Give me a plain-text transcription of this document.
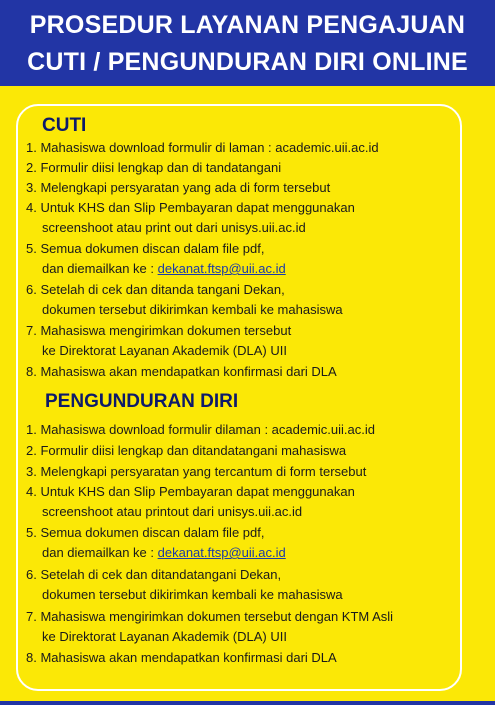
PROSEDUR LAYANAN PENGAJUAN
CUTI / PENGUNDURAN DIRI ONLINE
CUTI
1. Mahasiswa download formulir di laman : academic.uii.ac.id
2. Formulir diisi lengkap dan di tandatangani
3. Melengkapi persyaratan yang ada di form tersebut
4. Untuk KHS dan Slip Pembayaran dapat menggunakan
screenshoot atau print out dari unisys.uii.ac.id
5. Semua dokumen discan dalam file pdf,
dan diemailkan ke : dekanat.ftsp@uii.ac.id
6. Setelah di cek dan ditanda tangani Dekan,
dokumen tersebut dikirimkan kembali ke mahasiswa
7. Mahasiswa mengirimkan dokumen tersebut
ke Direktorat Layanan Akademik (DLA) UII
8. Mahasiswa akan mendapatkan konfirmasi dari DLA
PENGUNDURAN DIRI
1. Mahasiswa download formulir dilaman : academic.uii.ac.id
2. Formulir diisi lengkap dan ditandatangani mahasiswa
3. Melengkapi persyaratan yang tercantum di form tersebut
4. Untuk KHS dan Slip Pembayaran dapat menggunakan
screenshoot atau printout dari unisys.uii.ac.id
5. Semua dokumen discan dalam file pdf,
dan diemailkan ke : dekanat.ftsp@uii.ac.id
6. Setelah di cek dan ditandatangani Dekan,
dokumen tersebut dikirimkan kembali ke mahasiswa
7. Mahasiswa mengirimkan dokumen tersebut dengan KTM Asli
ke Direktorat Layanan Akademik (DLA) UII
8. Mahasiswa akan mendapatkan konfirmasi dari DLA
